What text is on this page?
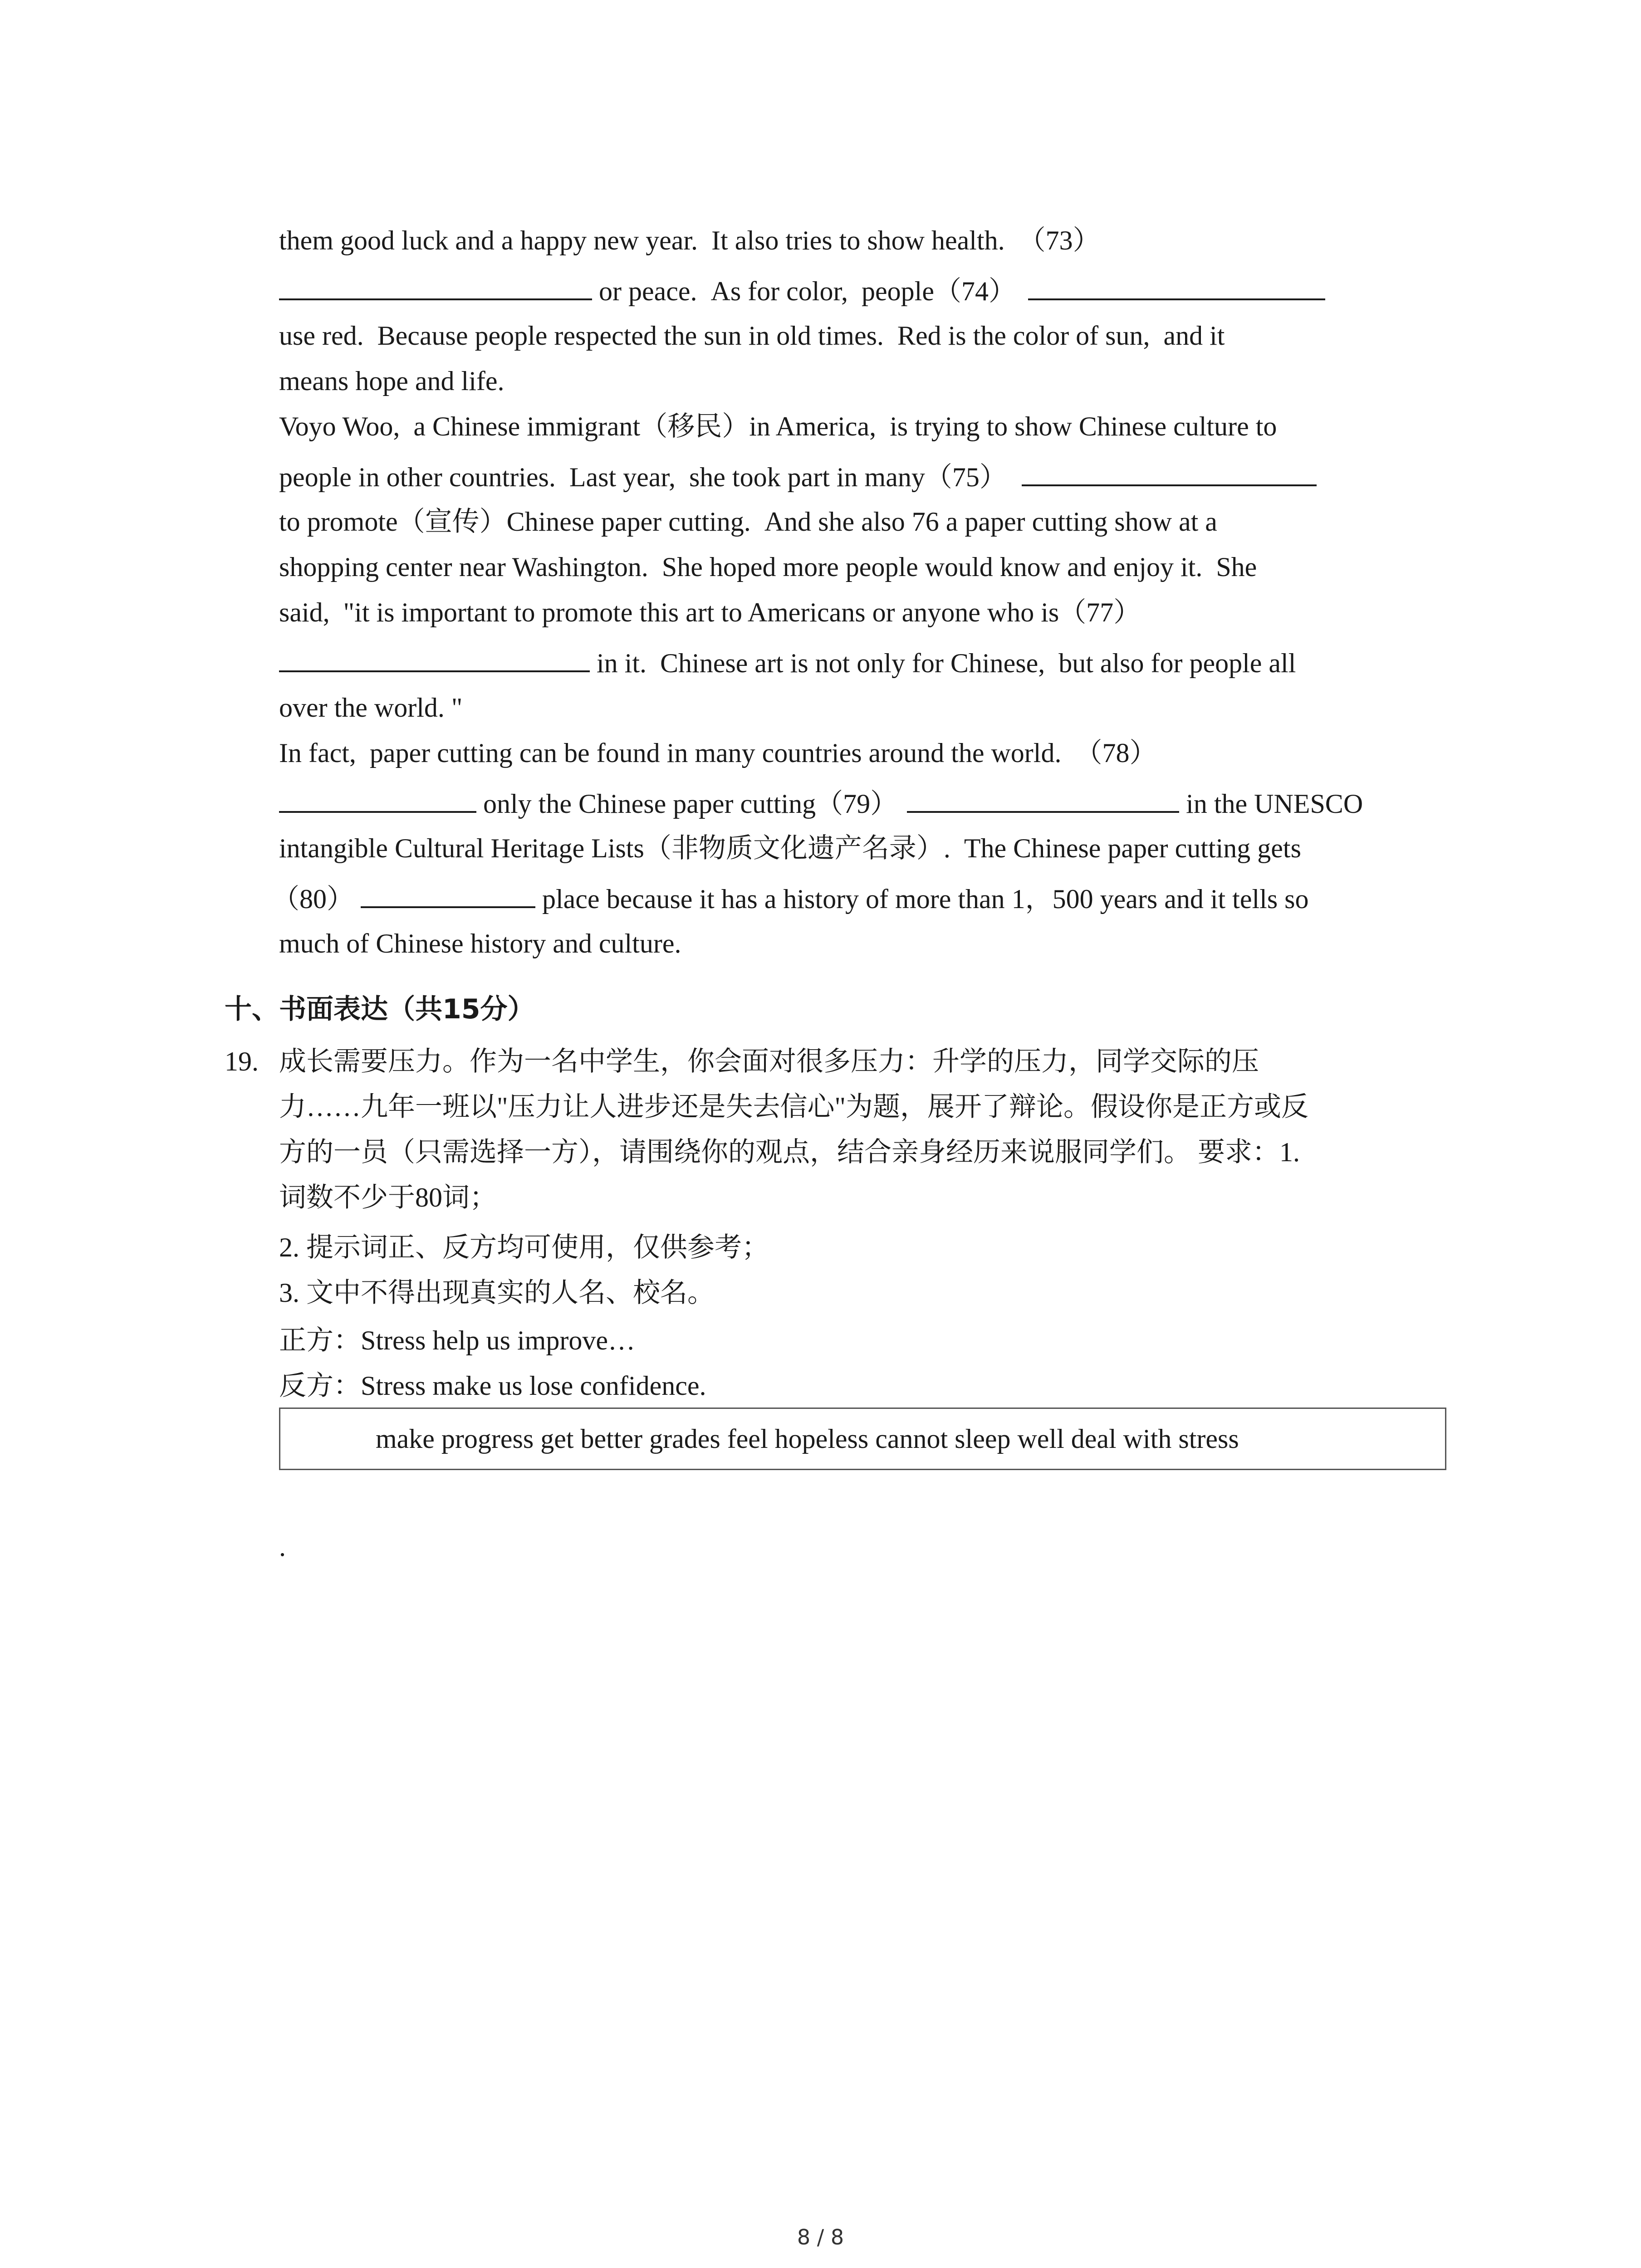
them good luck and a happy new year.  It also tries to show health.  （73）
or peace.  As for color,  people（74）
use red.  Because people respected the sun in old times.  Red is the color of sun,  and it
means hope and life.
Voyo Woo,  a Chinese immigrant（移民）in America,  is trying to show Chinese culture to
people in other countries.  Last year,  she took part in many（75）
to promote（宣传）Chinese paper cutting.  And she also 76 a paper cutting show at a
shopping center near Washington.  She hoped more people would know and enjoy it.  She
said,  "it is important to promote this art to Americans or anyone who is（77）
in it.  Chinese art is not only for Chinese,  but also for people all
over the world. "
In fact,  paper cutting can be found in many countries around the world.  （78）
only the Chinese paper cutting（79）	in the UNESCO
intangible Cultural Heritage Lists（非物质文化遗产名录）.  The Chinese paper cutting gets
（80）	place because it has a history of more than 1，500 years and it tells so
much of Chinese history and culture.
十、书面表达（共15分）
19. 成长需要压力。作为一名中学生，你会面对很多压力：升学的压力，同学交际的压
力……九年一班以"压力让人进步还是失去信心"为题，展开了辩论。假设你是正方或反
方的一员（只需选择一方），请围绕你的观点，结合亲身经历来说服同学们。 要求：1.
词数不少于80词；
2. 提示词正、反方均可使用，仅供参考；
3. 文中不得出现真实的人名、校名。
正方：Stress help us improve…
反方：Stress make us lose confidence.
make progress get better grades feel hopeless cannot sleep well deal with stress
.
8 / 8
